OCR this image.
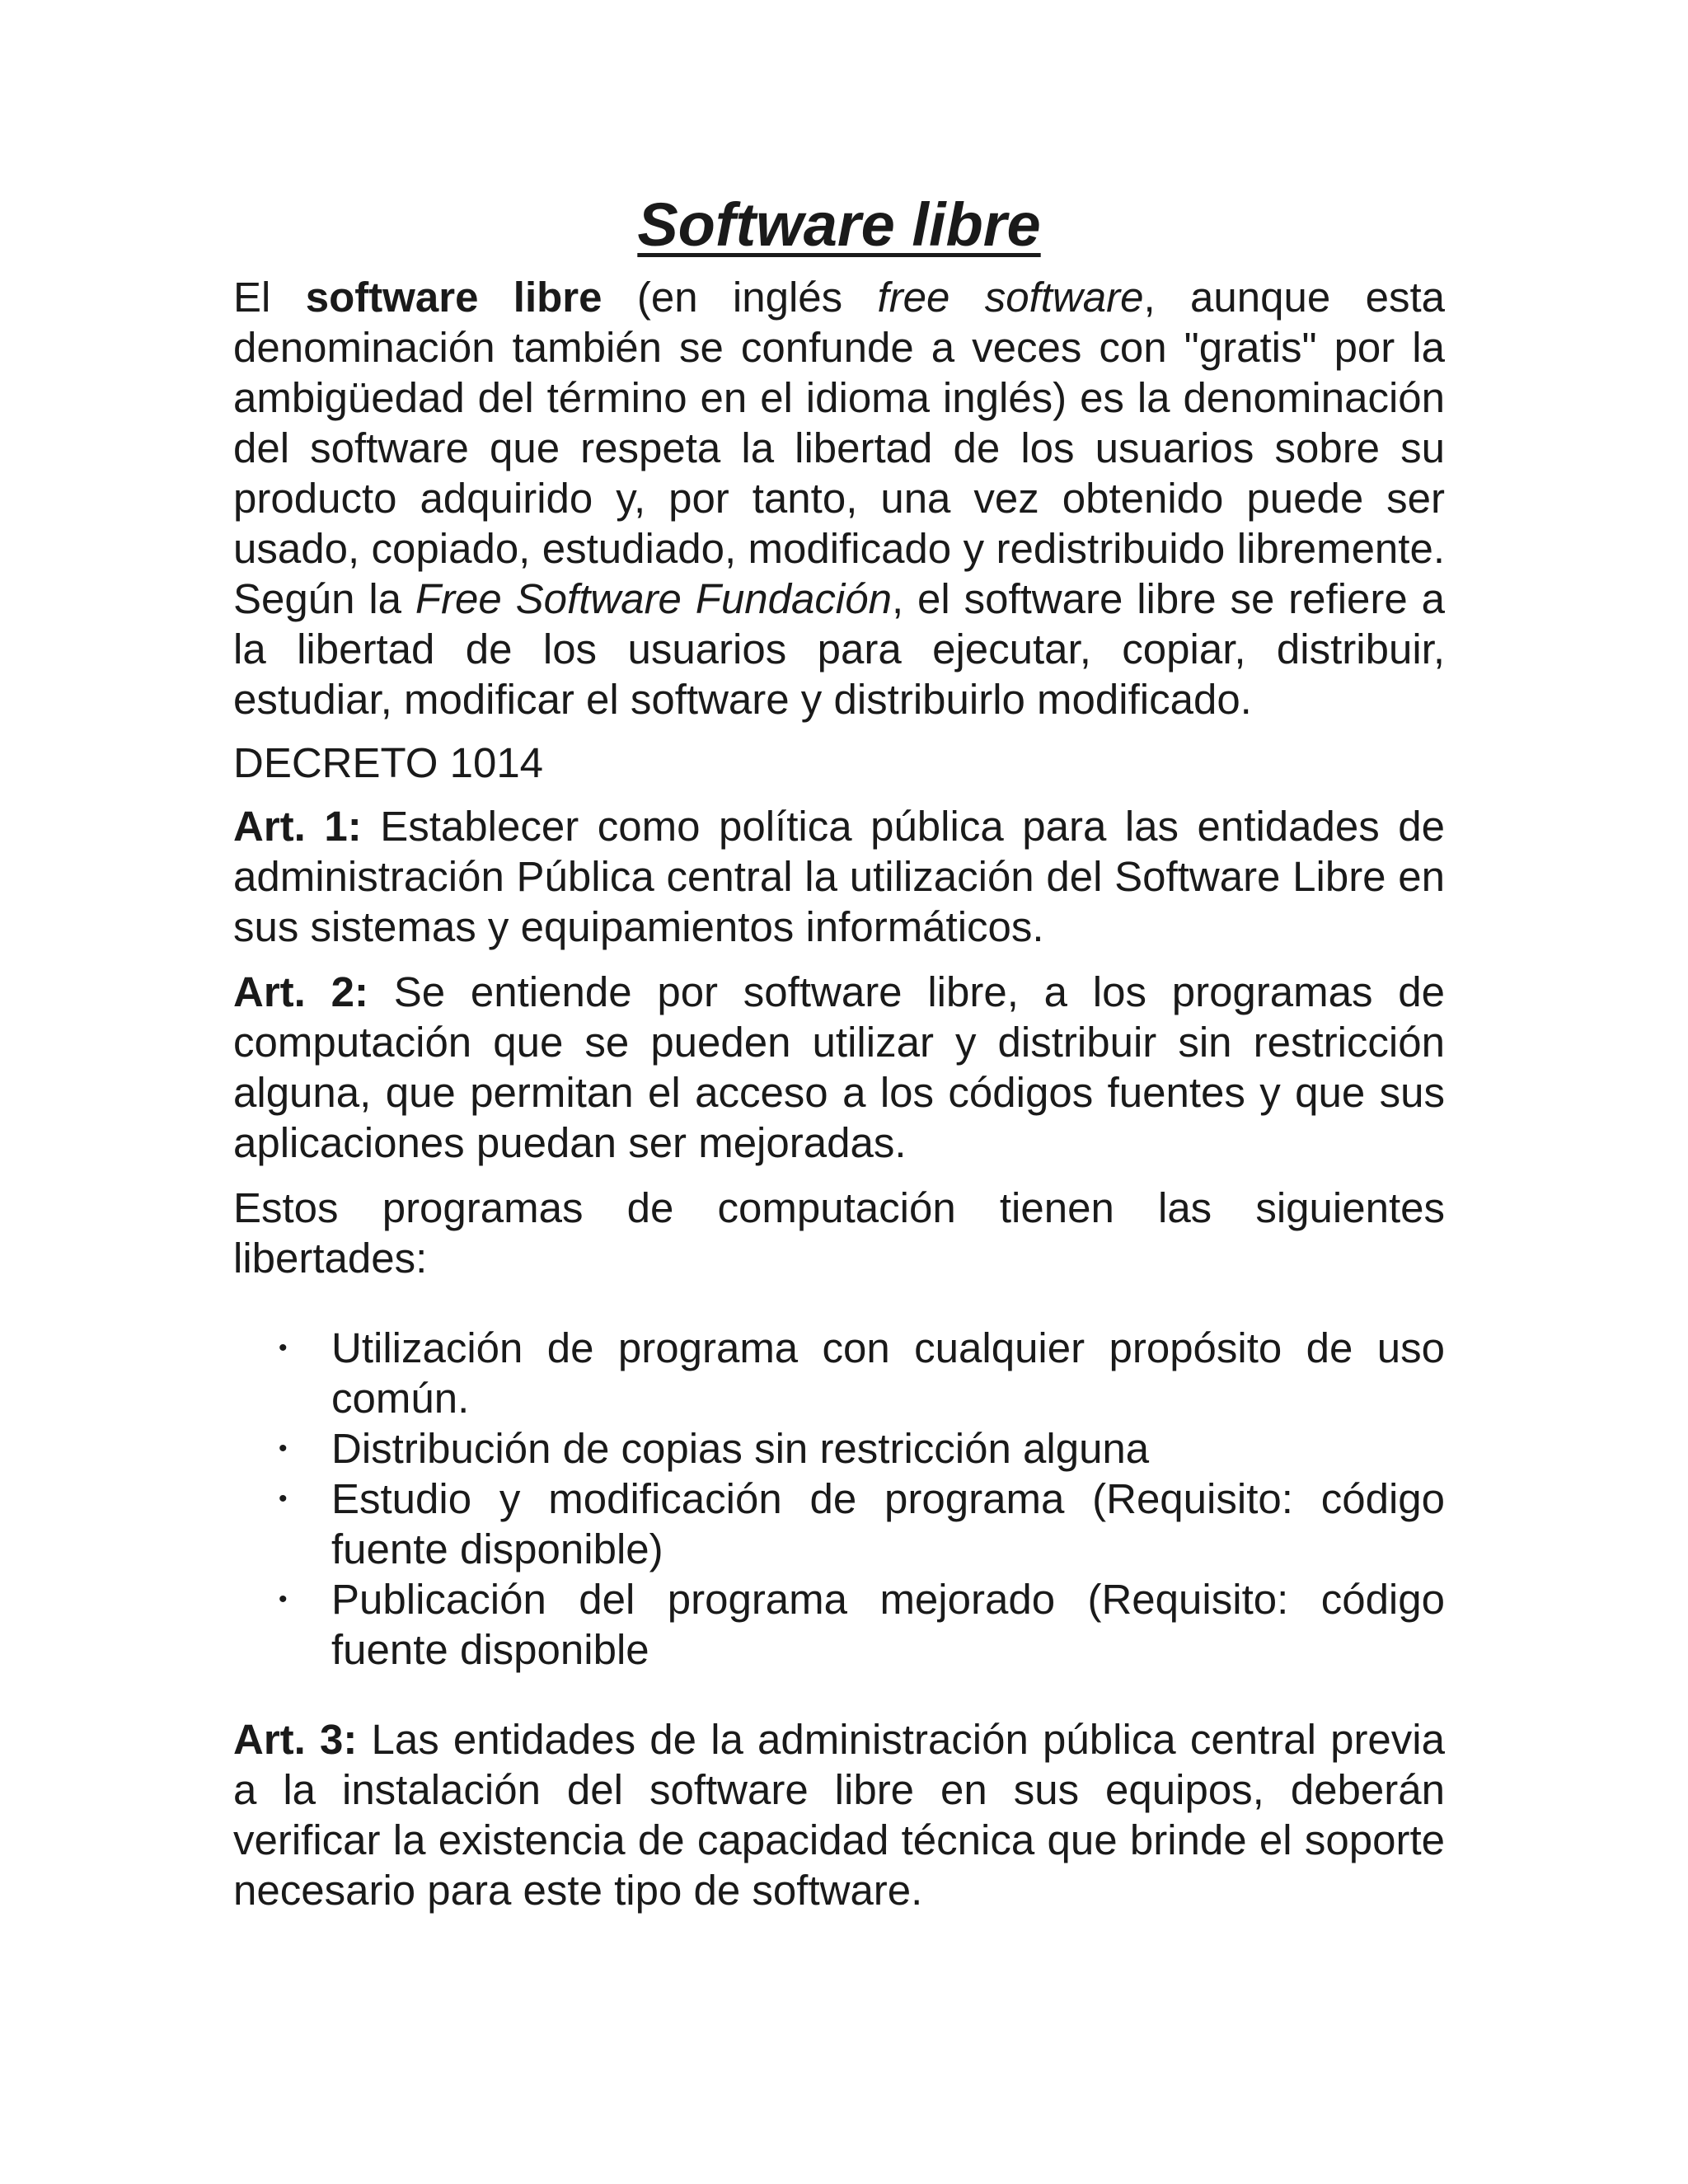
Software libre

El software libre (en inglés free software, aunque esta denominación también se confunde a veces con "gratis" por la ambigüedad del término en el idioma inglés) es la denominación del software que respeta la libertad de los usuarios sobre su producto adquirido y, por tanto, una vez obtenido puede ser usado, copiado, estudiado, modificado y redistribuido libremente. Según la Free Software Fundación, el software libre se refiere a la libertad de los usuarios para ejecutar, copiar, distribuir, estudiar, modificar el software y distribuirlo modificado.

DECRETO 1014

Art. 1: Establecer como política pública para las entidades de administración Pública central la utilización del Software Libre en sus sistemas y equipamientos informáticos.

Art. 2: Se entiende por software libre, a los programas de computación que se pueden utilizar y distribuir sin restricción alguna, que permitan el acceso a los códigos fuentes y que sus aplicaciones puedan ser mejoradas.

Estos programas de computación tienen las siguientes libertades:

• Utilización de programa con cualquier propósito de uso común.
• Distribución de copias sin restricción alguna
• Estudio y modificación de programa (Requisito: código fuente disponible)
• Publicación del programa mejorado (Requisito: código fuente disponible

Art. 3: Las entidades de la administración pública central previa a la instalación del software libre en sus equipos, deberán verificar la existencia de capacidad técnica que brinde el soporte necesario para este tipo de software.
